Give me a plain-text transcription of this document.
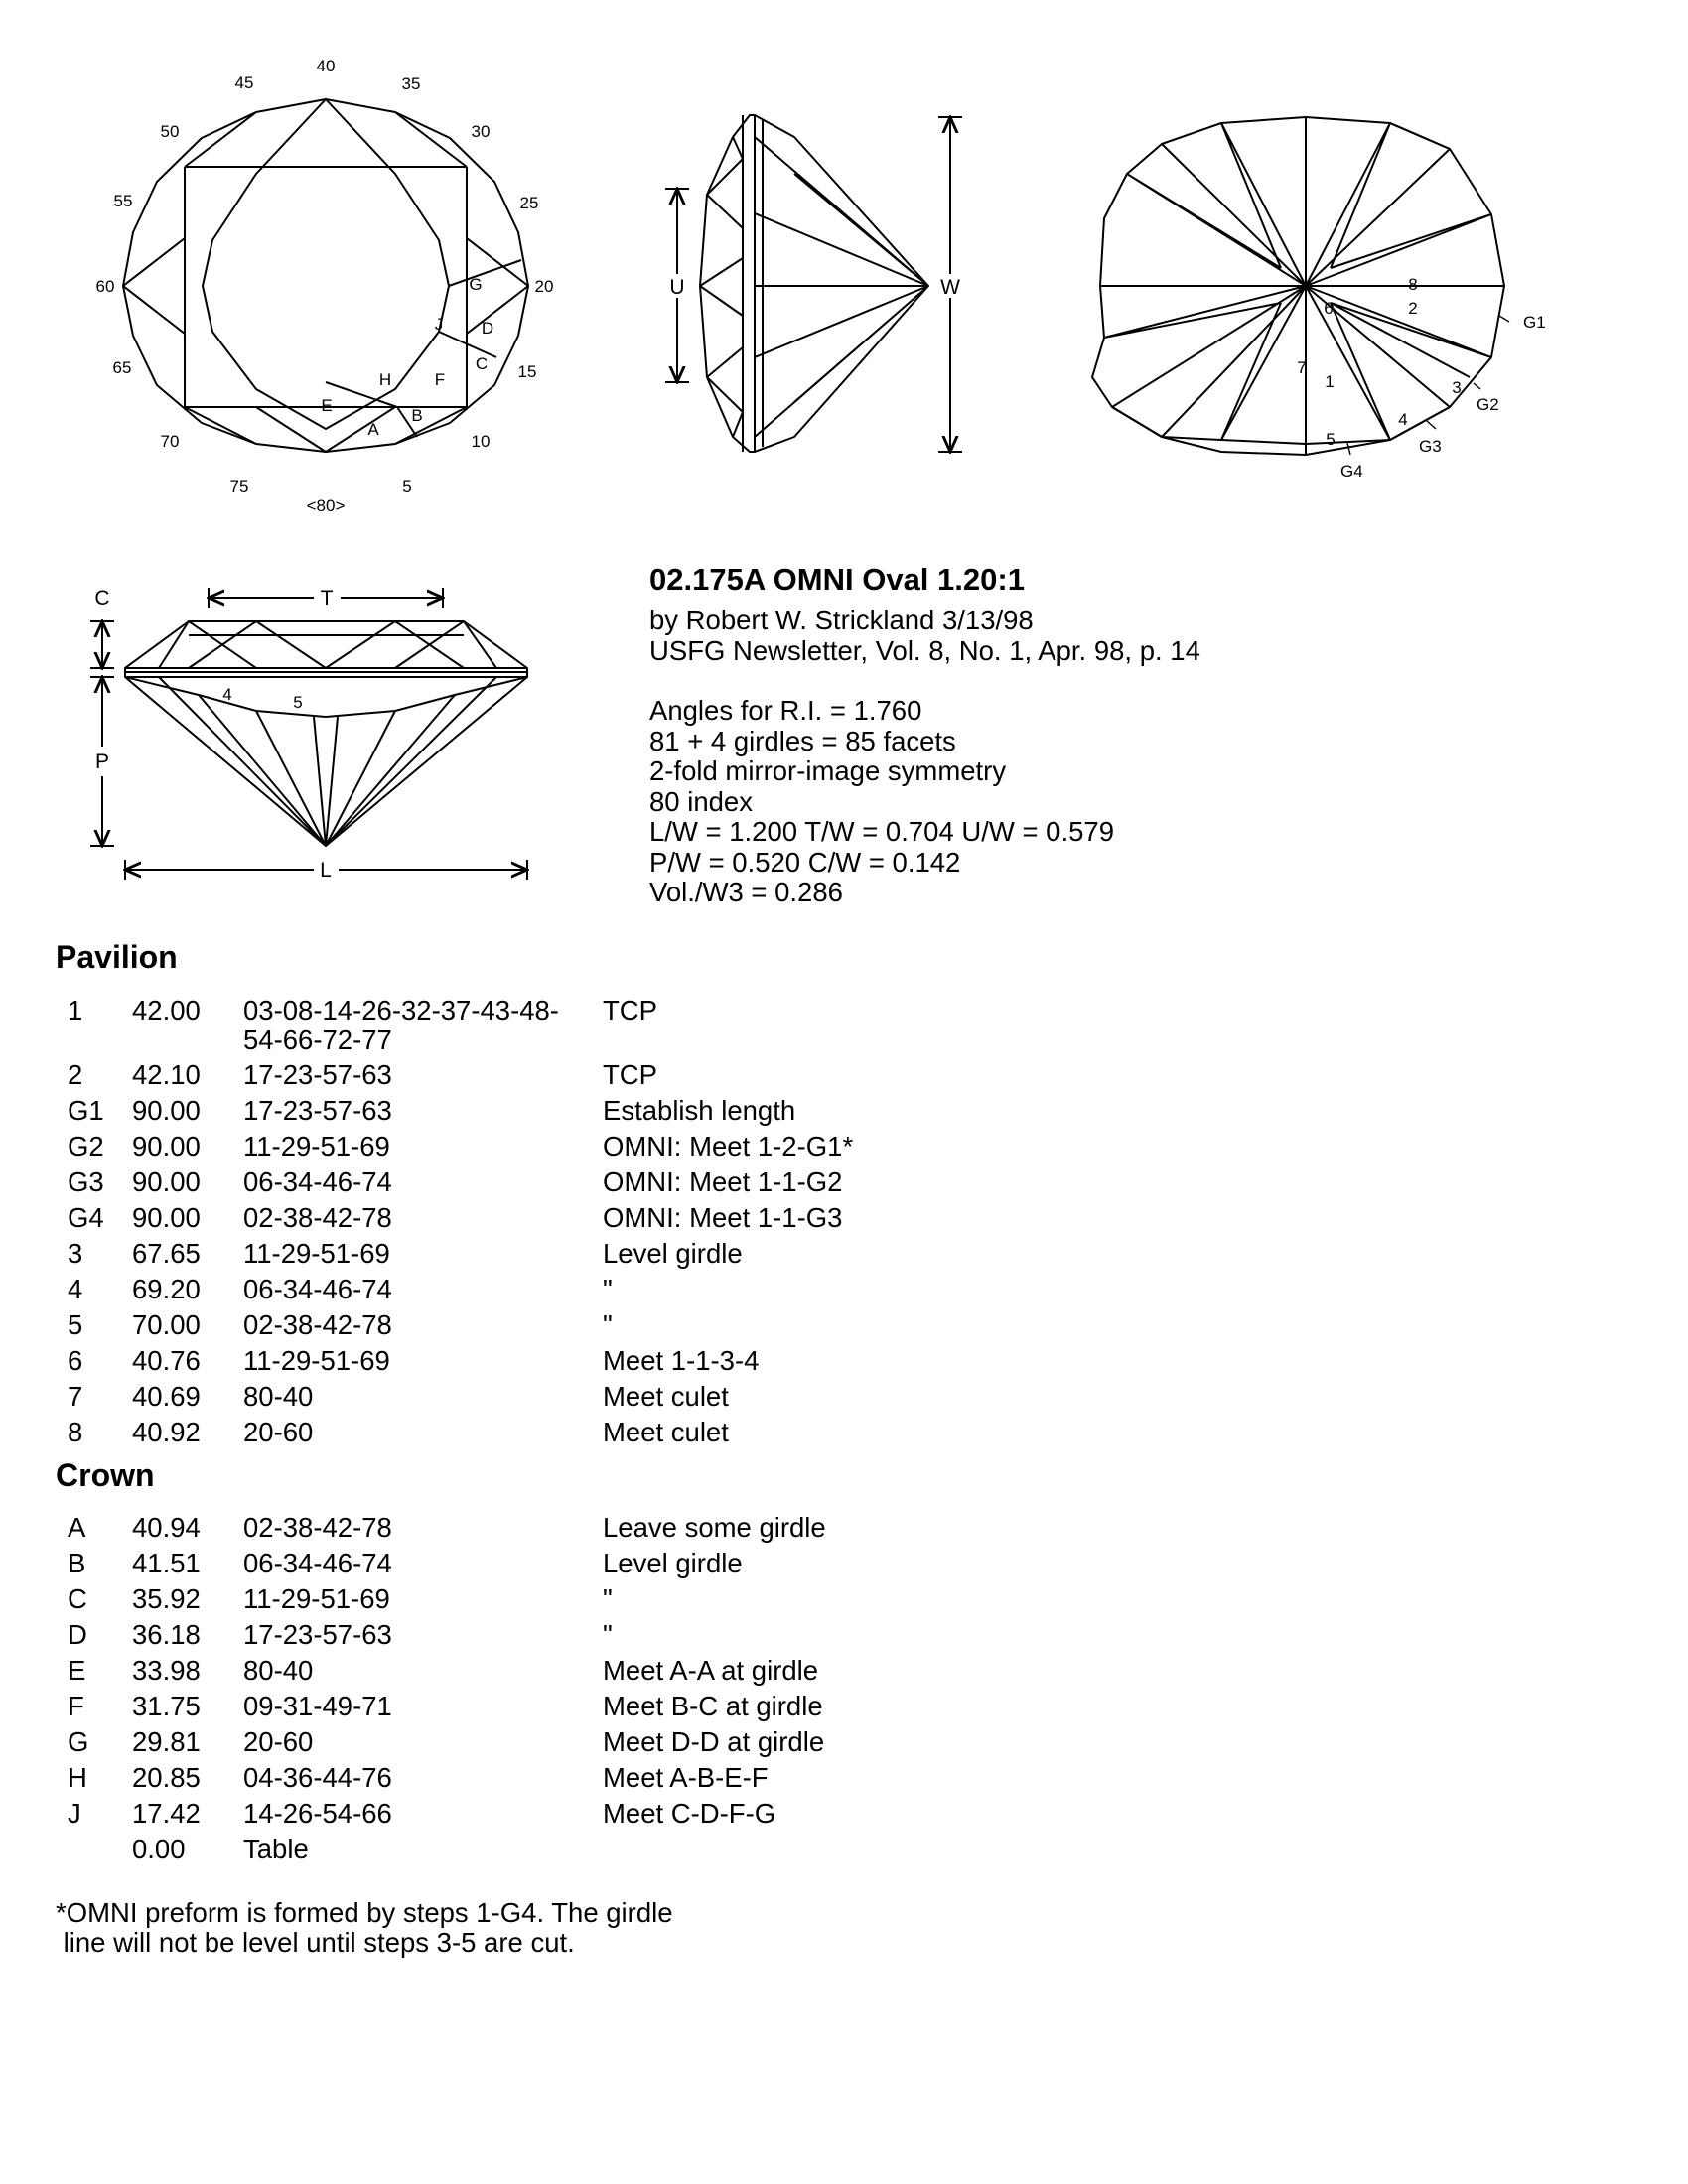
40
45	35
50	30
55	25
60	20
65	15
70	10
75	5
<80>
G
J D
C
H	F
E
B
A
U	W	8
2
6
7
1	3
4
5
G1
G2
G3
G4
T
C
P
L
4	5
02.175A OMNI Oval 1.20:1
by Robert W. Strickland 3/13/98
USFG Newsletter, Vol. 8, No. 1, Apr. 98, p. 14
Angles for R.I. = 1.760
81 + 4 girdles = 85 facets
2-fold mirror-image symmetry
80 index
L/W = 1.200 T/W = 0.704 U/W = 0.579
P/W = 0.520 C/W = 0.142
Vol./W3 = 0.286
Pavilion
1 42.00 03-08-14-26-32-37-43-48-
54-66-72-77
TCP
2 42.10 17-23-57-63	TCP
G1 90.00 17-23-57-63	Establish length
G2 90.00 11-29-51-69	OMNI: Meet 1-2-G1*
G3 90.00 06-34-46-74	OMNI: Meet 1-1-G2
G4 90.00 02-38-42-78	OMNI: Meet 1-1-G3
3 67.65 11-29-51-69	Level girdle
4 69.20 06-34-46-74	"
5 70.00 02-38-42-78	"
6 40.76 11-29-51-69	Meet 1-1-3-4
7 40.69 80-40	Meet culet
8 40.92 20-60	Meet culet
Crown
A 40.94 02-38-42-78	Leave some girdle
B 41.51 06-34-46-74	Level girdle
C 35.92 11-29-51-69	"
D 36.18 17-23-57-63	"
E 33.98 80-40	Meet A-A at girdle
F 31.75 09-31-49-71	Meet B-C at girdle
G 29.81 20-60	Meet D-D at girdle
H 20.85 04-36-44-76	Meet A-B-E-F
J 17.42 14-26-54-66	Meet C-D-F-G
0.00 Table
*OMNI preform is formed by steps 1-G4. The girdle
line will not be level until steps 3-5 are cut.
